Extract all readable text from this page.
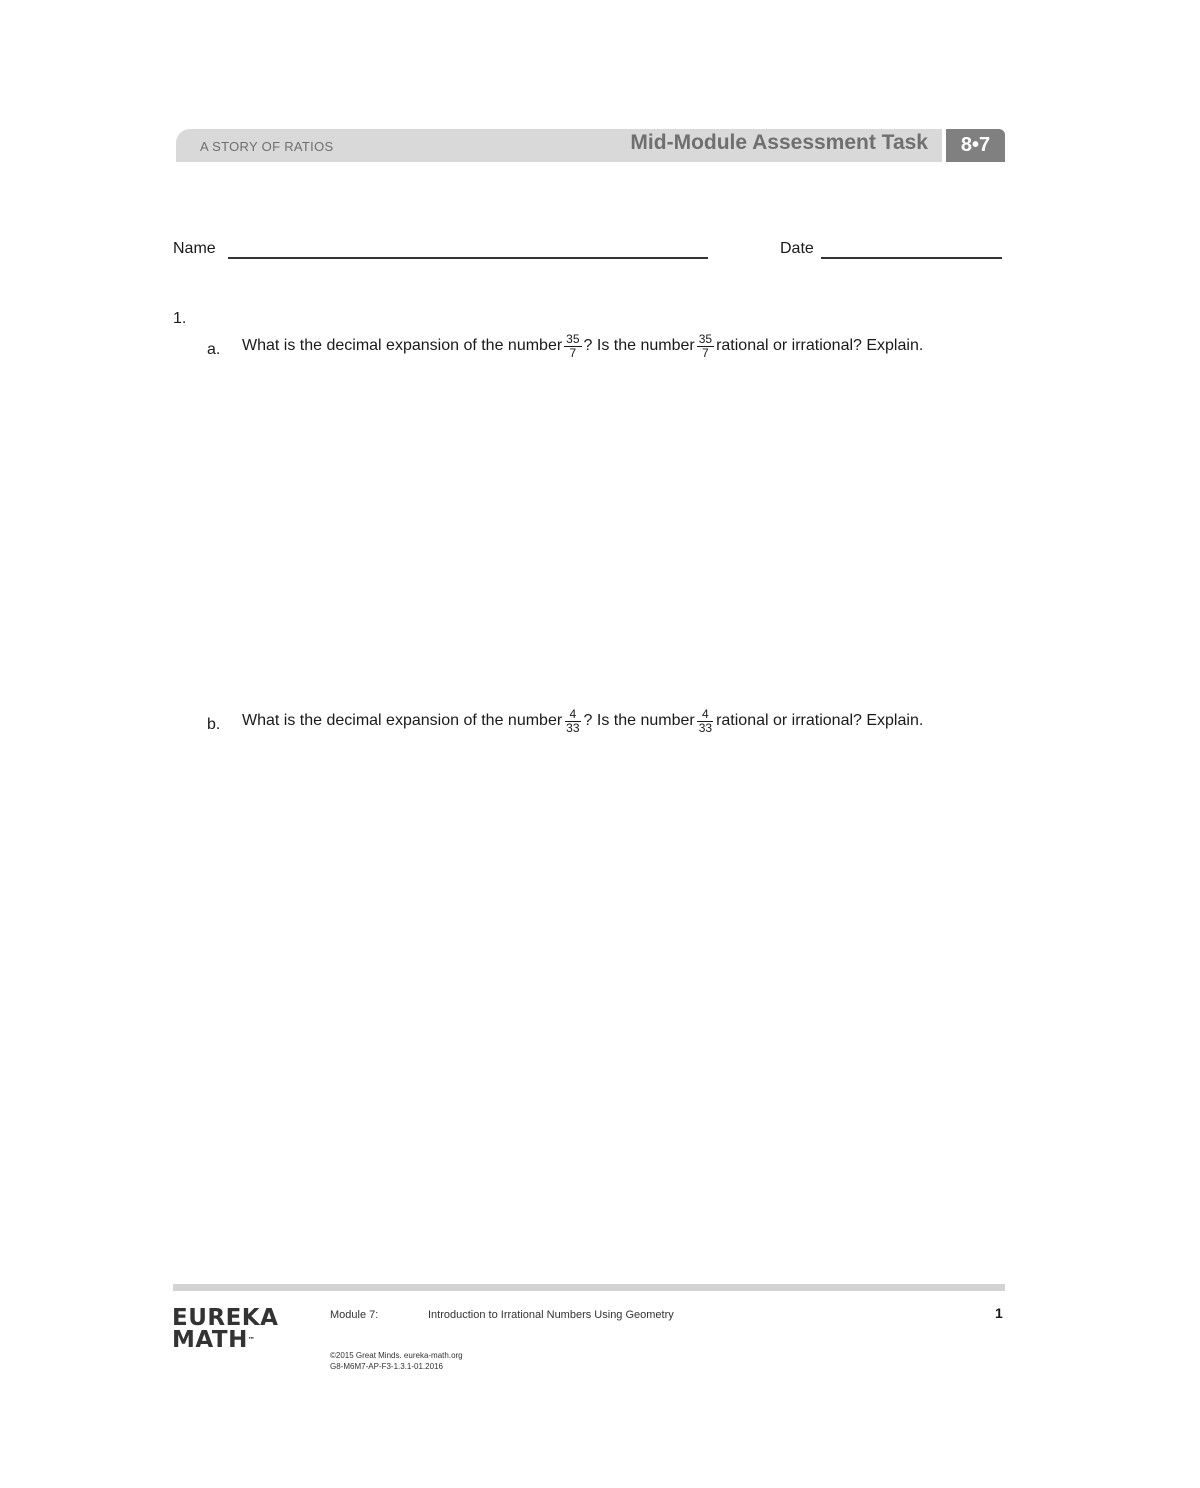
A STORY OF RATIOS	Mid-Module Assessment Task	8•7
Name	Date
1.
a. What is the decimal expansion of the number $\frac{35}{7}$ ? Is the number $\frac{35}{7}$ rational or irrational? Explain.
b. What is the decimal expansion of the number $\frac{4}{33}$ ? Is the number $\frac{4}{33}$ rational or irrational? Explain.
EUREKA
MATH™
Module 7:	Introduction to Irrational Numbers Using Geometry	1
©2015 Great Minds. eureka-math.org
G8-M6M7-AP-F3-1.3.1-01.2016
